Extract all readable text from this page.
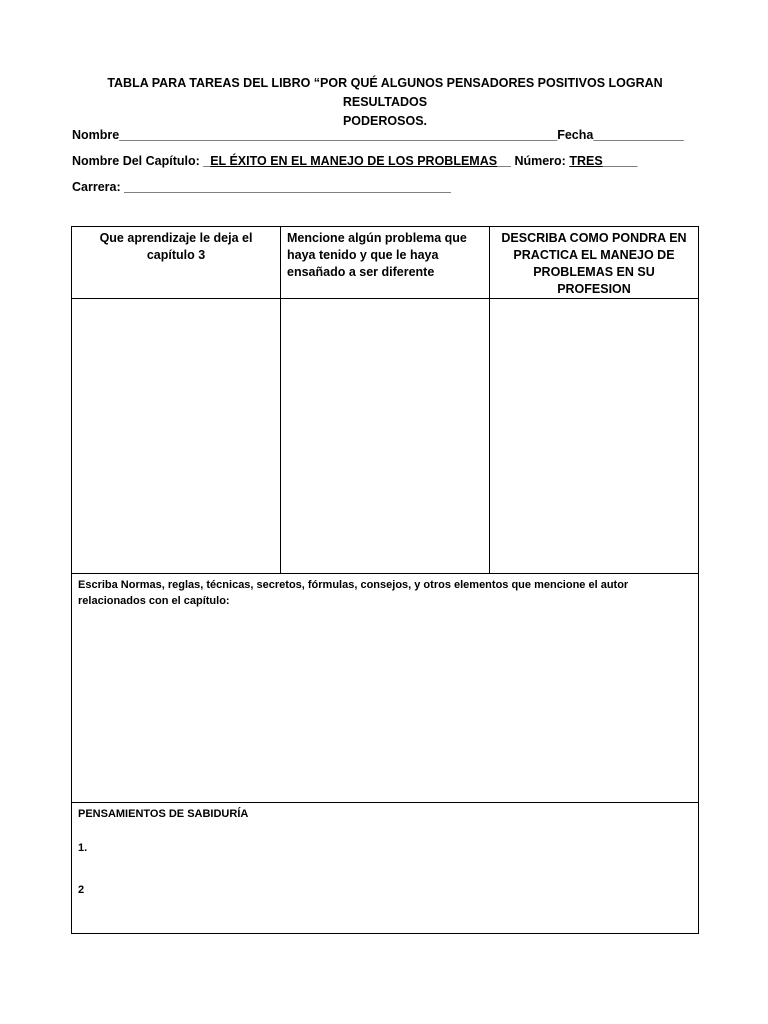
TABLA PARA TAREAS DEL LIBRO “POR QUÉ ALGUNOS PENSADORES POSITIVOS LOGRAN RESULTADOS
PODEROSOS.
Nombre_______________________________________________________________Fecha_____________
Nombre Del Capítulo: _EL ÉXITO EN EL MANEJO DE LOS PROBLEMAS__ Número: TRES_____
Carrera: _______________________________________________
Que aprendizaje le deja el capítulo 3	Mencione algún problema que haya tenido y que le haya ensañado a ser diferente	DESCRIBA COMO PONDRA EN PRACTICA EL MANEJO DE PROBLEMAS EN SU PROFESION

Escriba Normas, reglas, técnicas, secretos, fórmulas, consejos, y otros elementos que mencione el autor relacionados con el capítulo:		

PENSAMIENTOS DE SABIDURÍA
1.
2		
